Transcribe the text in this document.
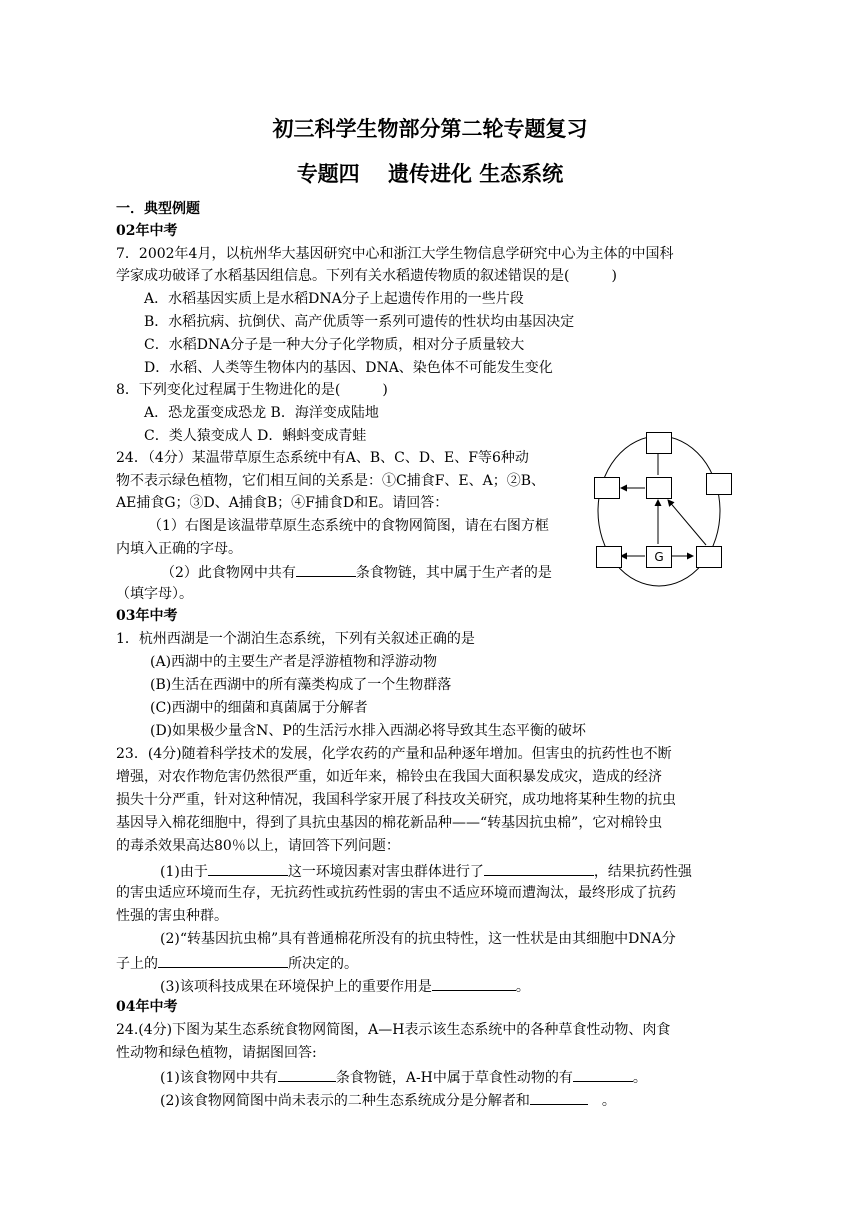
初三科学生物部分第二轮专题复习
专题四　 遗传进化 生态系统
一．典型例题
02年中考
7．2002年4月，以杭州华大基因研究中心和浙江大学生物信息学研究中心为主体的中国科
学家成功破译了水稻基因组信息。下列有关水稻遗传物质的叙述错误的是(　　　)
A．水稻基因实质上是水稻DNA分子上起遗传作用的一些片段
B．水稻抗病、抗倒伏、高产优质等一系列可遗传的性状均由基因决定
C．水稻DNA分子是一种大分子化学物质，相对分子质量较大
D．水稻、人类等生物体内的基因、DNA、染色体不可能发生变化
8．下列变化过程属于生物进化的是(　　　)
A．恐龙蛋变成恐龙 B．海洋变成陆地
C．类人猿变成人 D．蝌蚪变成青蛙
24．（4分）某温带草原生态系统中有A、B、C、D、E、F等6种动
物不表示绿色植物，它们相互间的关系是：①C捕食F、E、A；②B、
AE捕食G；③D、A捕食B；④F捕食D和E。请回答：
（1）右图是该温带草原生态系统中的食物网简图，请在右图方框
内填入正确的字母。
（2）此食物网中共有	条食物链，其中属于生产者的是
（填字母）。
G
03年中考
1．杭州西湖是一个湖泊生态系统，下列有关叙述正确的是
(A)西湖中的主要生产者是浮游植物和浮游动物
(B)生活在西湖中的所有藻类构成了一个生物群落
(C)西湖中的细菌和真菌属于分解者
(D)如果极少量含N、P的生活污水排入西湖必将导致其生态平衡的破坏
23．(4分)随着科学技术的发展，化学农药的产量和品种逐年增加。但害虫的抗药性也不断
增强，对农作物危害仍然很严重，如近年来，棉铃虫在我国大面积暴发成灾，造成的经济
损失十分严重，针对这种情况，我国科学家开展了科技攻关研究，成功地将某种生物的抗虫
基因导入棉花细胞中，得到了具抗虫基因的棉花新品种——“转基因抗虫棉”，它对棉铃虫
的毒杀效果高达80％以上，请回答下列问题：
(1)由于	这一环境因素对害虫群体进行了	，结果抗药性强
的害虫适应环境而生存，无抗药性或抗药性弱的害虫不适应环境而遭淘汰，最终形成了抗药
性强的害虫种群。
(2)“转基因抗虫棉”具有普通棉花所没有的抗虫特性，这一性状是由其细胞中DNA分
子上的	所决定的。
(3)该项科技成果在环境保护上的重要作用是	。
04年中考
24.(4分)下图为某生态系统食物网简图，A—H表示该生态系统中的各种草食性动物、肉食
性动物和绿色植物，请据图回答:
(1)该食物网中共有	条食物链，A-H中属于草食性动物的有	。
(2)该食物网简图中尚未表示的二种生态系统成分是分解者和	　。
